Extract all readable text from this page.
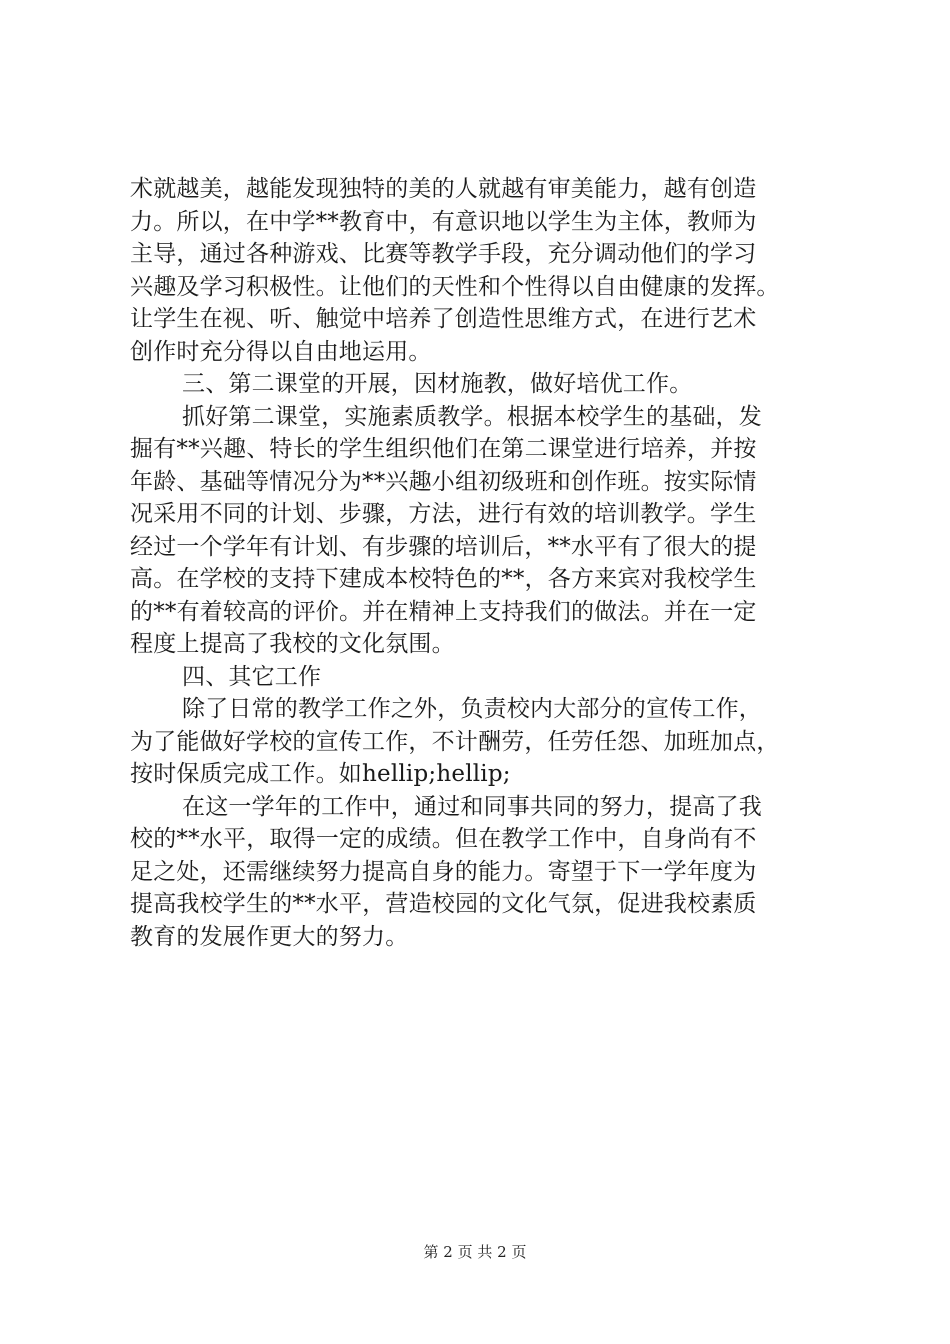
术就越美，越能发现独特的美的人就越有审美能力，越有创造
力。所以，在中学**教育中，有意识地以学生为主体，教师为
主导，通过各种游戏、比赛等教学手段，充分调动他们的学习
兴趣及学习积极性。让他们的天性和个性得以自由健康的发挥。
让学生在视、听、触觉中培养了创造性思维方式，在进行艺术
创作时充分得以自由地运用。
三、第二课堂的开展，因材施教，做好培优工作。
抓好第二课堂，实施素质教学。根据本校学生的基础，发
掘有**兴趣、特长的学生组织他们在第二课堂进行培养，并按
年龄、基础等情况分为**兴趣小组初级班和创作班。按实际情
况采用不同的计划、步骤，方法，进行有效的培训教学。学生
经过一个学年有计划、有步骤的培训后，**水平有了很大的提
高。在学校的支持下建成本校特色的**，各方来宾对我校学生
的**有着较高的评价。并在精神上支持我们的做法。并在一定
程度上提高了我校的文化氛围。
四、其它工作
除了日常的教学工作之外，负责校内大部分的宣传工作，
为了能做好学校的宣传工作，不计酬劳，任劳任怨、加班加点，
按时保质完成工作。如hellip;hellip;
在这一学年的工作中，通过和同事共同的努力，提高了我
校的**水平，取得一定的成绩。但在教学工作中，自身尚有不
足之处，还需继续努力提高自身的能力。寄望于下一学年度为
提高我校学生的**水平，营造校园的文化气氛，促进我校素质
教育的发展作更大的努力。
第 2 页 共 2 页
